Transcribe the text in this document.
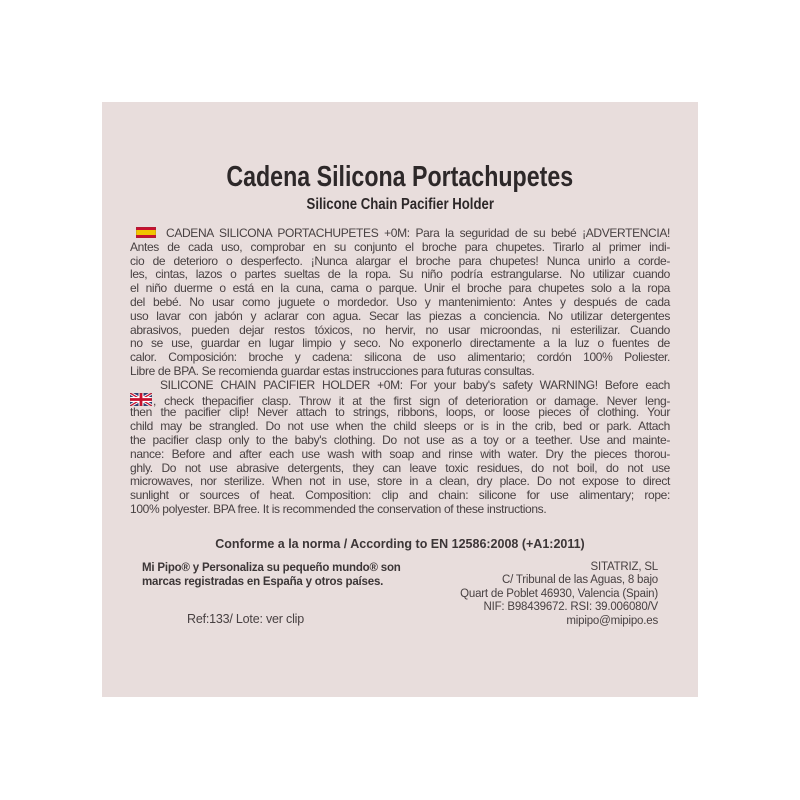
Cadena Silicona Portachupetes
Silicone Chain Pacifier Holder
CADENA SILICONA PORTACHUPETES +0M: Para la seguridad de su bebé ¡ADVERTENCIA!
Antes de cada uso, comprobar en su conjunto el broche para chupetes. Tirarlo al primer indi-
cio de deterioro o desperfecto. ¡Nunca alargar el broche para chupetes! Nunca unirlo a corde-
les, cintas, lazos o partes sueltas de la ropa. Su niño podría estrangularse. No utilizar cuando
el niño duerme o está en la cuna, cama o parque. Unir el broche para chupetes solo a la ropa
del bebé. No usar como juguete o mordedor. Uso y mantenimiento: Antes y después de cada
uso lavar con jabón y aclarar con agua. Secar las piezas a conciencia. No utilizar detergentes
abrasivos, pueden dejar restos tóxicos, no hervir, no usar microondas, ni esterilizar. Cuando
no se use, guardar en lugar limpio y seco. No exponerlo directamente a la luz o fuentes de
calor. Composición: broche y cadena: silicona de uso alimentario; cordón 100% Poliester.
Libre de BPA. Se recomienda guardar estas instrucciones para futuras consultas.
SILICONE CHAIN PACIFIER HOLDER +0M: For your baby's safety WARNING! Before each
, check thepacifier clasp. Throw it at the first sign of deterioration or damage. Never leng-
then the pacifier clip! Never attach to strings, ribbons, loops, or loose pieces of clothing. Your
child may be strangled. Do not use when the child sleeps or is in the crib, bed or park. Attach
the pacifier clasp only to the baby's clothing. Do not use as a toy or a teether. Use and mainte-
nance: Before and after each use wash with soap and rinse with water. Dry the pieces thorou-
ghly. Do not use abrasive detergents, they can leave toxic residues, do not boil, do not use
microwaves, nor sterilize. When not in use, store in a clean, dry place. Do not expose to direct
sunlight or sources of heat. Composition: clip and chain: silicone for use alimentary; rope:
100% polyester. BPA free. It is recommended the conservation of these instructions.
Conforme a la norma / According to EN 12586:2008 (+A1:2011)
Mi Pipo® y Personaliza su pequeño mundo® son
marcas registradas en España y otros países.
Ref:133/ Lote: ver clip
SITATRIZ, SL
C/ Tribunal de las Aguas, 8 bajo
Quart de Poblet 46930, Valencia (Spain)
NIF: B98439672. RSI: 39.006080/V
mipipo@mipipo.es
